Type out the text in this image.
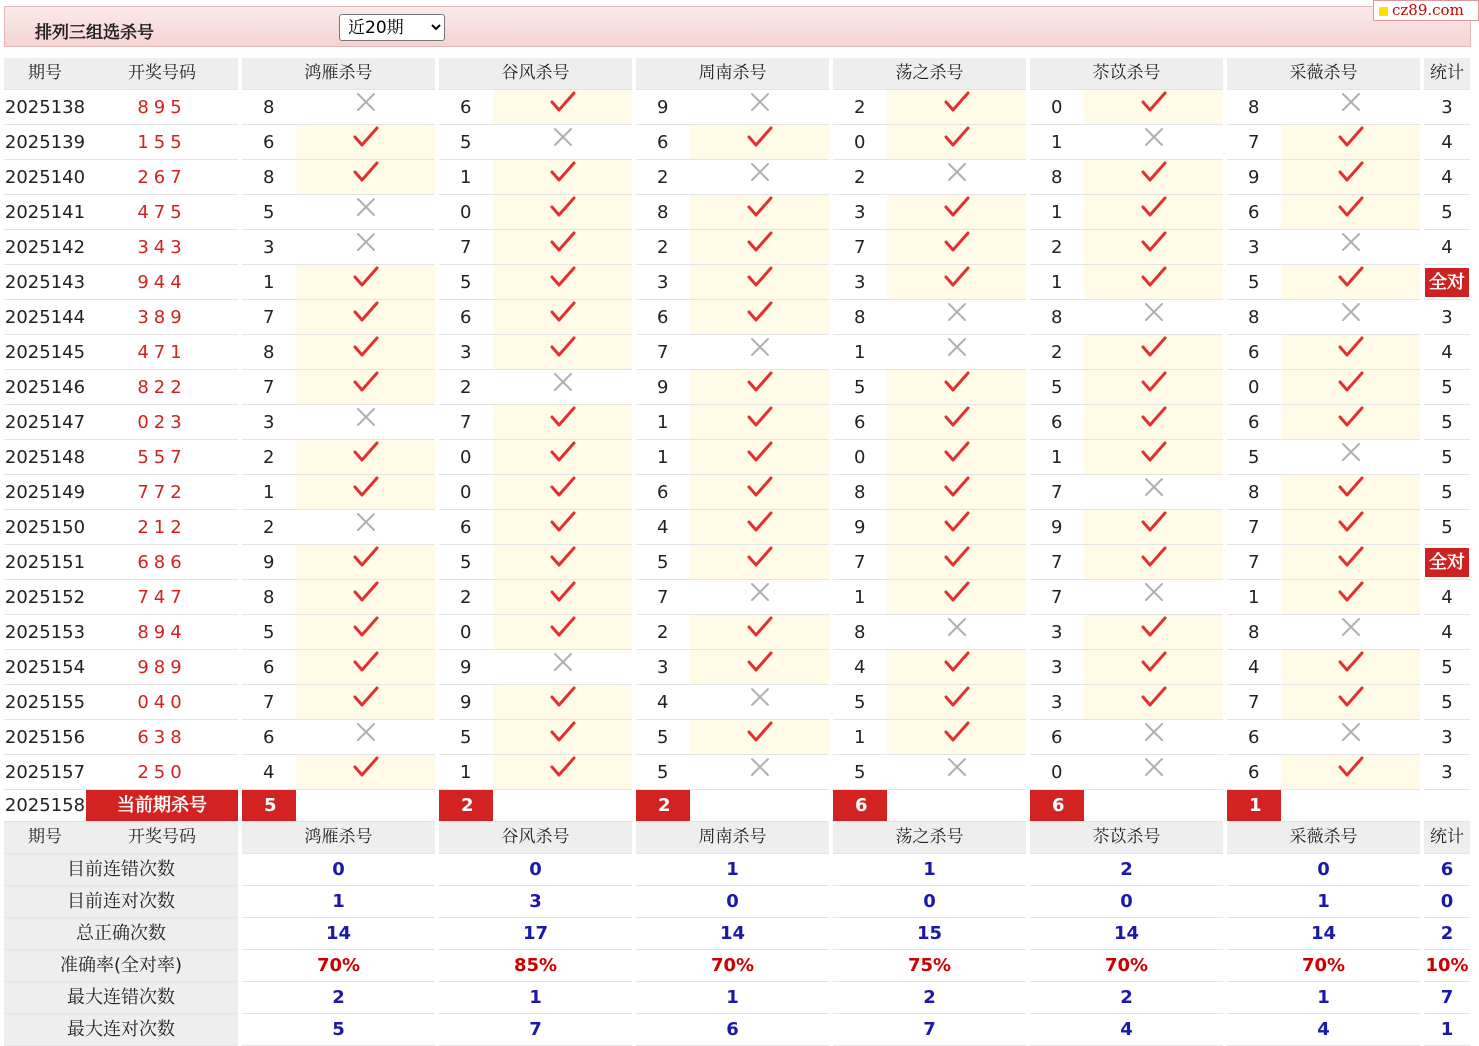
排列三组选杀号
近20期
cz89.com
期号	开奖号码		鸿雁杀号			谷风杀号			周南杀号			荡之杀号			苶苡杀号			采薇杀号			统计
2025138	895		8			6			9			2			0			8			3
2025139	155		6			5			6			0			1			7			4
2025140	267		8			1			2			2			8			9			4
2025141	475		5			0			8			3			1			6			5
2025142	343		3			7			2			7			2			3			4
2025143	944		1			5			3			3			1			5			全对
2025144	389		7			6			6			8			8			8			3
2025145	471		8			3			7			1			2			6			4
2025146	822		7			2			9			5			5			0			5
2025147	023		3			7			1			6			6			6			5
2025148	557		2			0			1			0			1			5			5
2025149	772		1			0			6			8			7			8			5
2025150	212		2			6			4			9			9			7			5
2025151	686		9			5			5			7			7			7			全对
2025152	747		8			2			7			1			7			1			4
2025153	894		5			0			2			8			3			8			4
2025154	989		6			9			3			4			3			4			5
2025155	040		7			9			4			5			3			7			5
2025156	638		6			5			5			1			6			6			3
2025157	250		4			1			5			5			0			6			3
2025158	当前期杀号		5			2			2			6			6			1			
期号	开奖号码		鸿雁杀号			谷风杀号			周南杀号			荡之杀号			苶苡杀号			采薇杀号			统计
目前连错次数			0			0			1			1			2			0			6
目前连对次数			1			3			0			0			0			1			0
总正确次数			14			17			14			15			14			14			2
准确率(全对率)			70%			85%			70%			75%			70%			70%			10%
最大连错次数			2			1			1			2			2			1			7
最大连对次数			5			7			6			7			4			4			1
